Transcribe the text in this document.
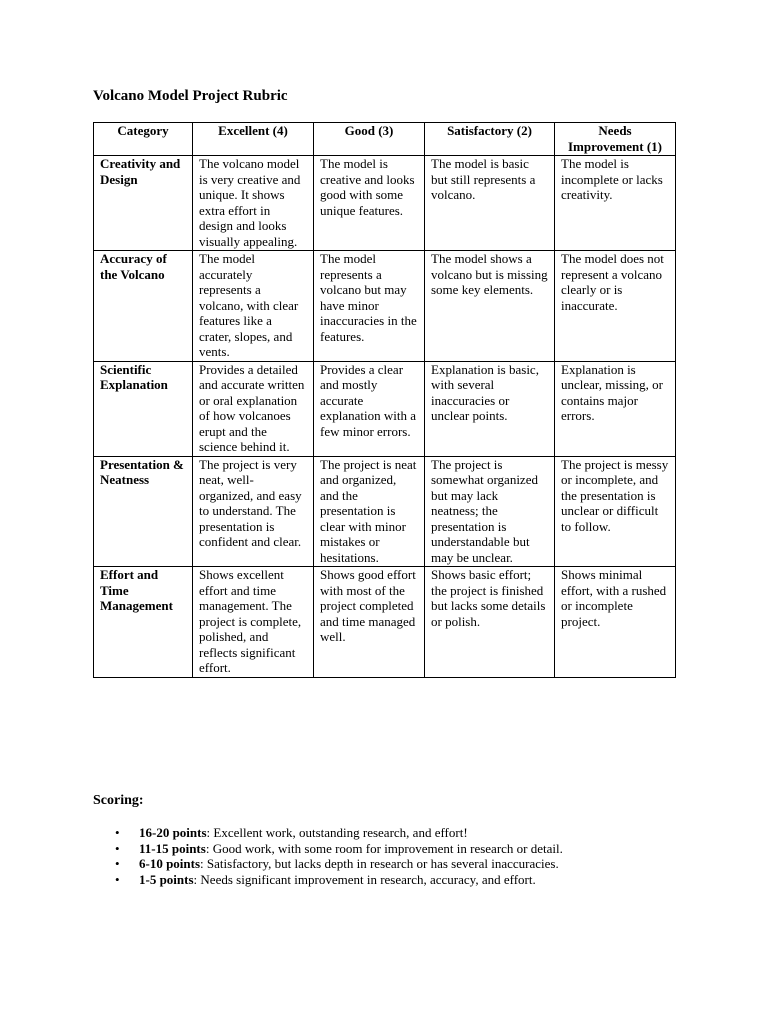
Volcano Model Project Rubric
Category	Excellent (4)	Good (3)	Satisfactory (2)	Needs Improvement (1)
Creativity and Design	The volcano model is very creative and unique. It shows extra effort in design and looks visually appealing.	The model is creative and looks good with some unique features.	The model is basic but still represents a volcano.	The model is incomplete or lacks creativity.
Accuracy of the Volcano	The model accurately represents a volcano, with clear features like a crater, slopes, and vents.	The model represents a volcano but may have minor inaccuracies in the features.	The model shows a volcano but is missing some key elements.	The model does not represent a volcano clearly or is inaccurate.
Scientific Explanation	Provides a detailed and accurate written or oral explanation of how volcanoes erupt and the science behind it.	Provides a clear and mostly accurate explanation with a few minor errors.	Explanation is basic, with several inaccuracies or unclear points.	Explanation is unclear, missing, or contains major errors.
Presentation & Neatness	The project is very neat, well-organized, and easy to understand. The presentation is confident and clear.	The project is neat and organized, and the presentation is clear with minor mistakes or hesitations.	The project is somewhat organized but may lack neatness; the presentation is understandable but may be unclear.	The project is messy or incomplete, and the presentation is unclear or difficult to follow.
Effort and Time Management	Shows excellent effort and time management. The project is complete, polished, and reflects significant effort.	Shows good effort with most of the project completed and time managed well.	Shows basic effort; the project is finished but lacks some details or polish.	Shows minimal effort, with a rushed or incomplete project.
Scoring:
• 16-20 points: Excellent work, outstanding research, and effort!
• 11-15 points: Good work, with some room for improvement in research or detail.
• 6-10 points: Satisfactory, but lacks depth in research or has several inaccuracies.
• 1-5 points: Needs significant improvement in research, accuracy, and effort.
